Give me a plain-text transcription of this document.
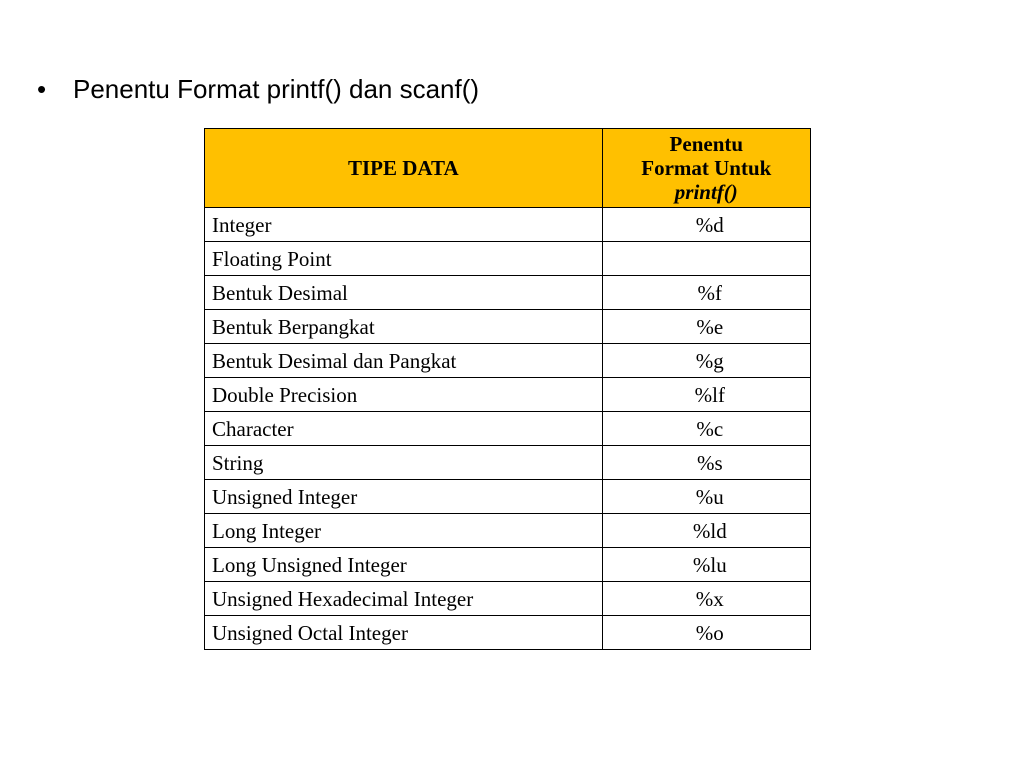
•	Penentu Format printf() dan scanf()
TIPE DATA	Penentu
Format Untuk
printf()

Integer	%d
Floating Point	
Bentuk Desimal	%f
Bentuk Berpangkat	%e
Bentuk Desimal dan Pangkat	%g
Double Precision	%lf
Character	%c
String	%s
Unsigned Integer	%u
Long Integer	%ld
Long Unsigned Integer	%lu
Unsigned Hexadecimal Integer	%x
Unsigned Octal Integer	%o
